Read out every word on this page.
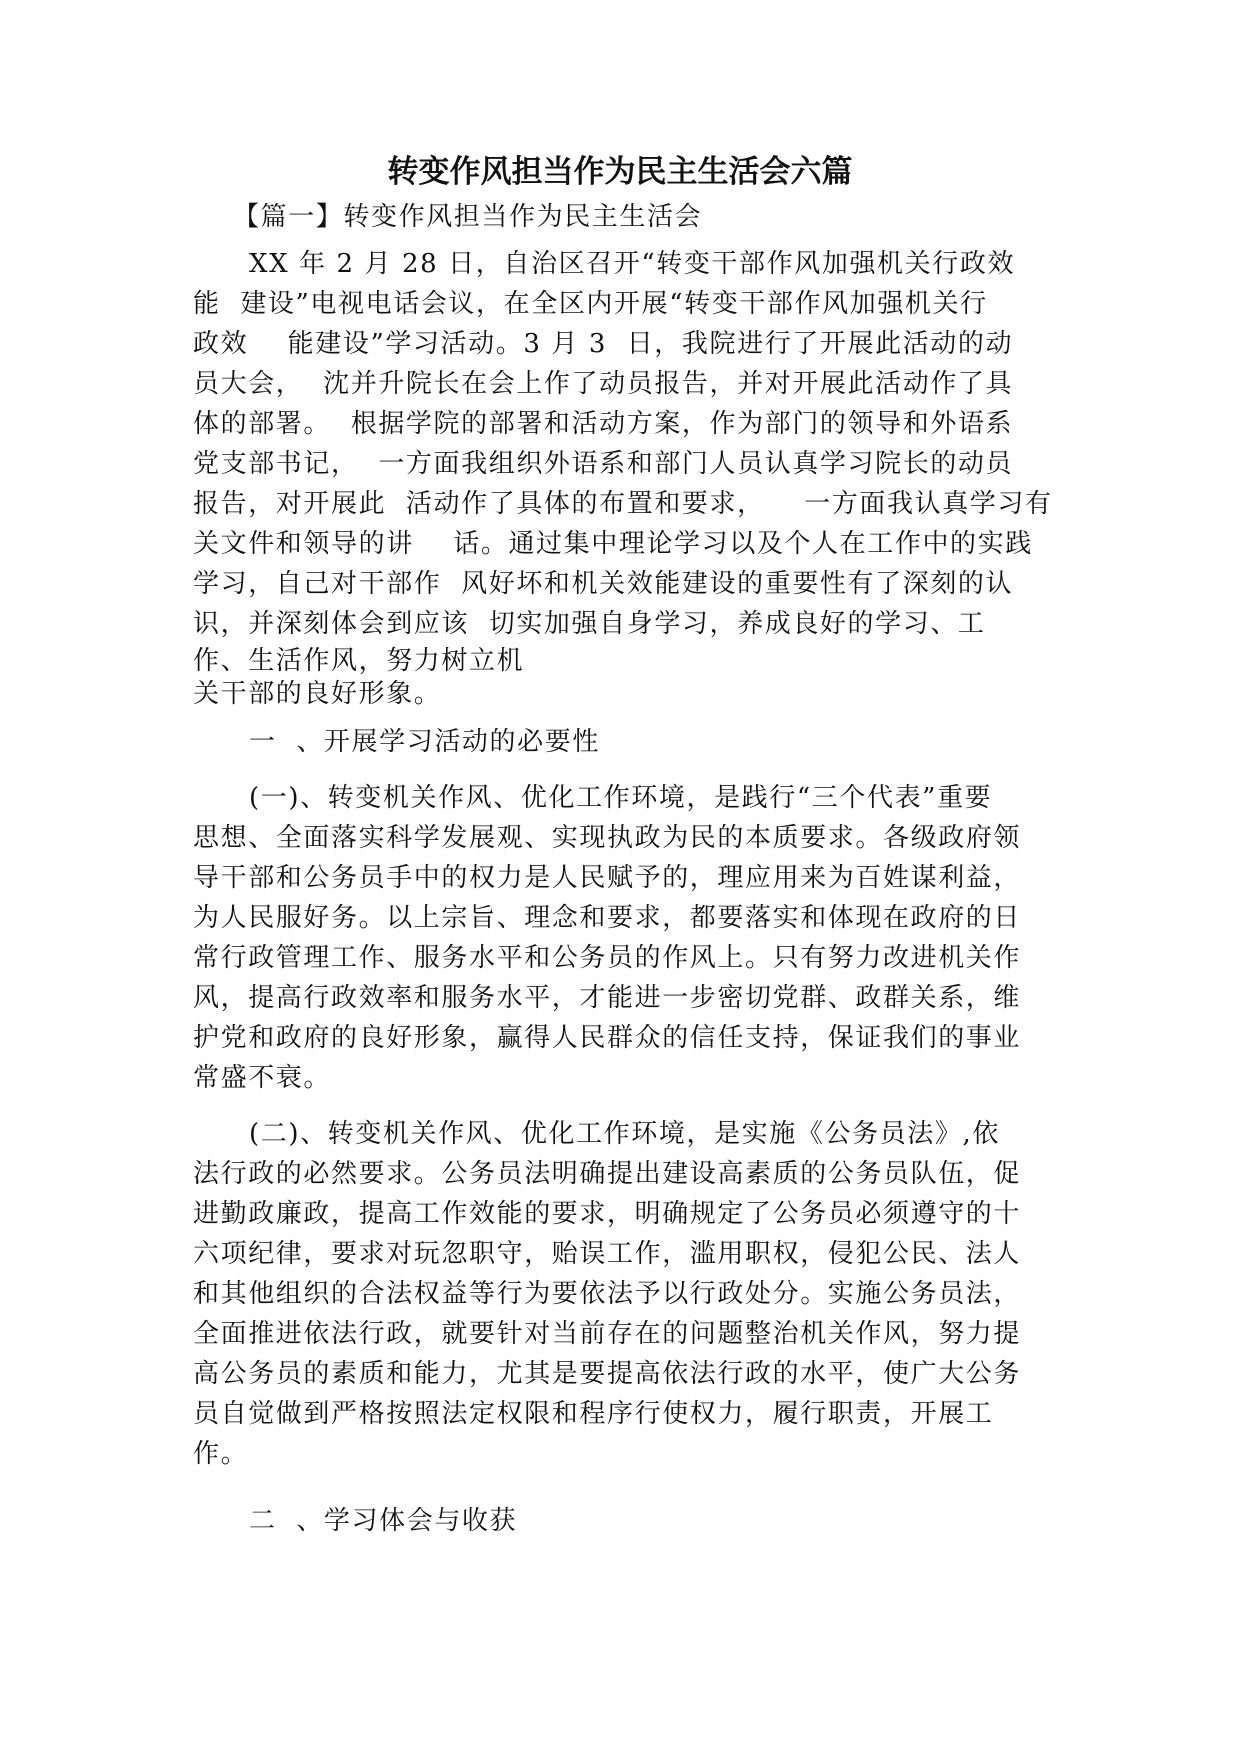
转变作风担当作为民主生活会六篇

【篇一】转变作风担当作为民主生活会

XX 年 2 月 28 日，自治区召开“转变干部作风加强机关行政效

能  建设”电视电话会议，在全区内开展“转变干部作风加强机关行

政效    能建设”学习活动。3 月 3  日，我院进行了开展此活动的动

员大会，  沈并升院长在会上作了动员报告，并对开展此活动作了具

体的部署。  根据学院的部署和活动方案，作为部门的领导和外语系

党支部书记，  一方面我组织外语系和部门人员认真学习院长的动员

报告，对开展此  活动作了具体的布置和要求，    一方面我认真学习有

关文件和领导的讲    话。通过集中理论学习以及个人在工作中的实践

学习，自己对干部作  风好坏和机关效能建设的重要性有了深刻的认

识，并深刻体会到应该  切实加强自身学习，养成良好的学习、工

作、生活作风，努力树立机

关干部的良好形象。

一  、开展学习活动的必要性

(一)、转变机关作风、优化工作环境，是践行“三个代表”重要

思想、全面落实科学发展观、实现执政为民的本质要求。各级政府领

导干部和公务员手中的权力是人民赋予的，理应用来为百姓谋利益，

为人民服好务。以上宗旨、理念和要求，都要落实和体现在政府的日

常行政管理工作、服务水平和公务员的作风上。只有努力改进机关作

风，提高行政效率和服务水平，才能进一步密切党群、政群关系，维

护党和政府的良好形象，赢得人民群众的信任支持，保证我们的事业

常盛不衰。

(二)、转变机关作风、优化工作环境，是实施《公务员法》,依

法行政的必然要求。公务员法明确提出建设高素质的公务员队伍，促

进勤政廉政，提高工作效能的要求，明确规定了公务员必须遵守的十

六项纪律，要求对玩忽职守，贻误工作，滥用职权，侵犯公民、法人

和其他组织的合法权益等行为要依法予以行政处分。实施公务员法，

全面推进依法行政，就要针对当前存在的问题整治机关作风，努力提

高公务员的素质和能力，尤其是要提高依法行政的水平，使广大公务

员自觉做到严格按照法定权限和程序行使权力，履行职责，开展工

作。

二  、学习体会与收获
